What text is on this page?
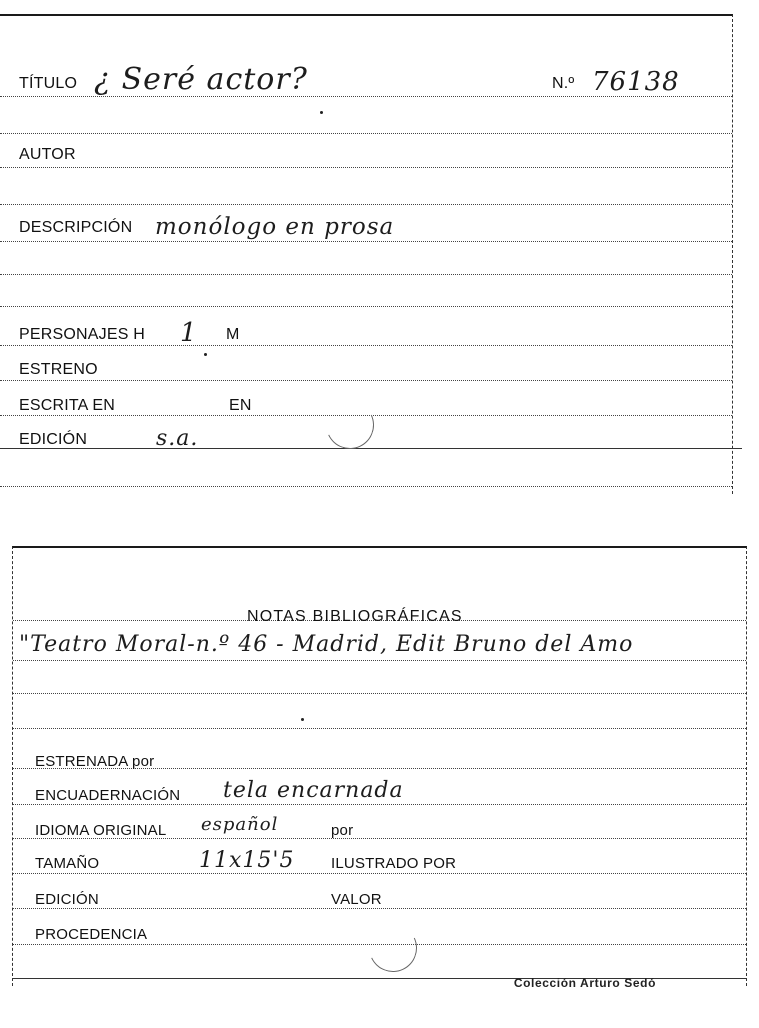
TÍTULO ¿ Seré actor?	N.º 76138
AUTOR
DESCRIPCIÓN monólogo en prosa
PERSONAJES H 1 M
ESTRENO
ESCRITA EN	EN
EDICIÓN	s.a.
NOTAS BIBLIOGRÁFICAS
"Teatro Moral-n.º 46 - Madrid, Edit Bruno del Amo
ESTRENADA por
ENCUADERNACIÓN tela encarnada
IDIOMA ORIGINAL español	por
TAMAÑO	11x15'5 ILUSTRADO POR
EDICIÓN	VALOR
PROCEDENCIA
Colección Arturo Sedó
